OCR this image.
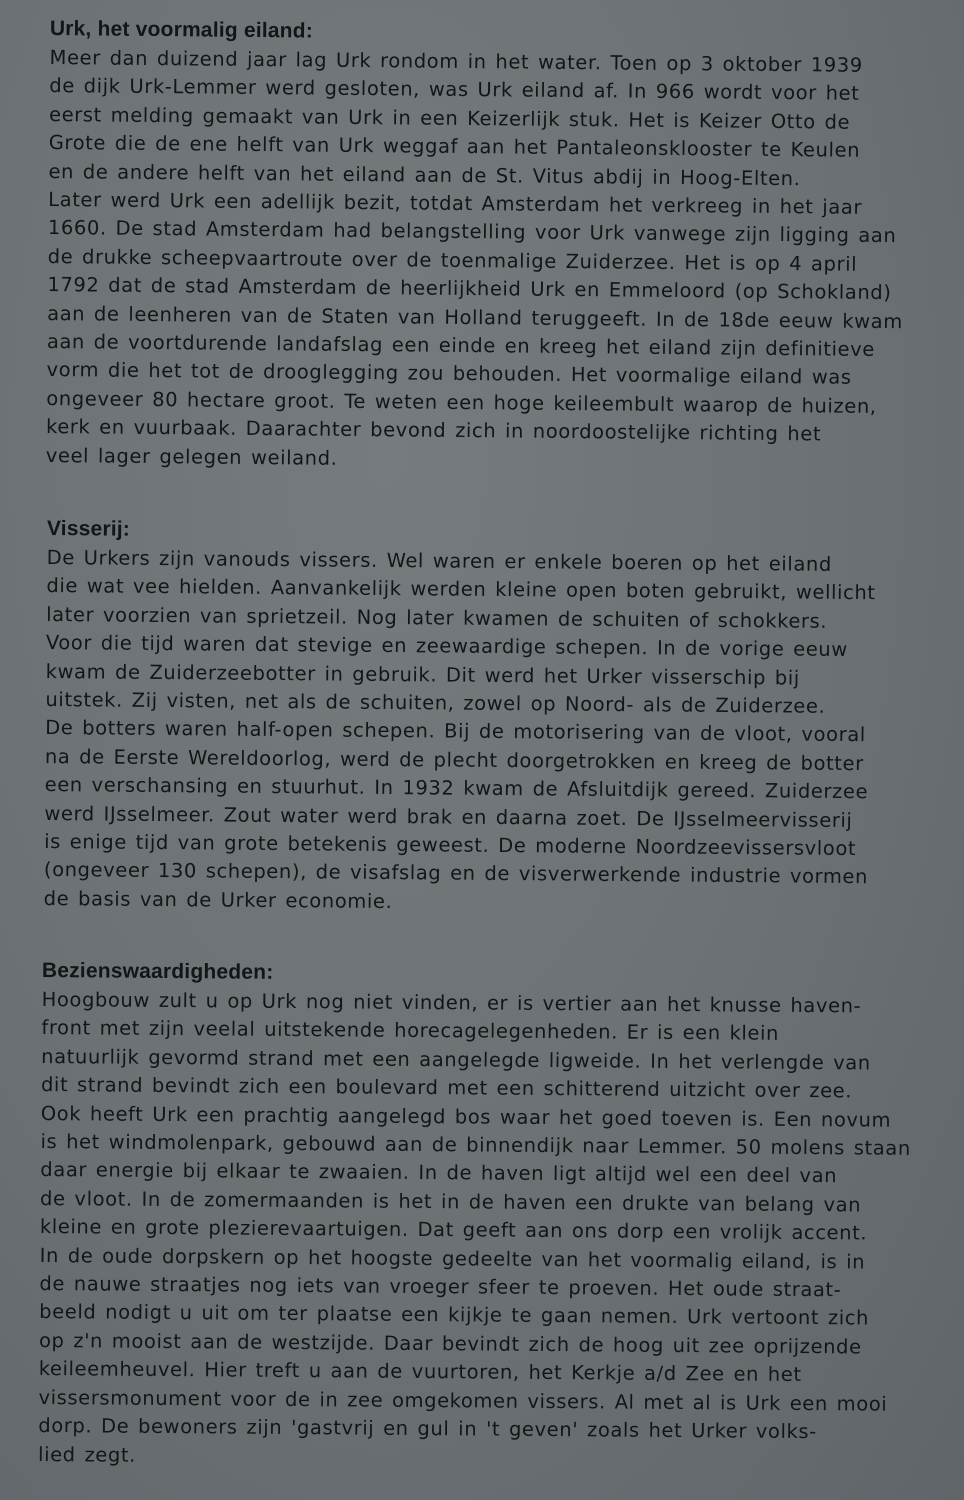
Urk, het voormalig eiland:
Meer dan duizend jaar lag Urk rondom in het water. Toen op 3 oktober 1939
de dijk Urk-Lemmer werd gesloten, was Urk eiland af. In 966 wordt voor het
eerst melding gemaakt van Urk in een Keizerlijk stuk. Het is Keizer Otto de
Grote die de ene helft van Urk weggaf aan het Pantaleonsklooster te Keulen
en de andere helft van het eiland aan de St. Vitus abdij in Hoog-Elten.
Later werd Urk een adellijk bezit, totdat Amsterdam het verkreeg in het jaar
1660. De stad Amsterdam had belangstelling voor Urk vanwege zijn ligging aan
de drukke scheepvaartroute over de toenmalige Zuiderzee. Het is op 4 april
1792 dat de stad Amsterdam de heerlijkheid Urk en Emmeloord (op Schokland)
aan de leenheren van de Staten van Holland teruggeeft. In de 18de eeuw kwam
aan de voortdurende landafslag een einde en kreeg het eiland zijn definitieve
vorm die het tot de drooglegging zou behouden. Het voormalige eiland was
ongeveer 80 hectare groot. Te weten een hoge keileembult waarop de huizen,
kerk en vuurbaak. Daarachter bevond zich in noordoostelijke richting het
veel lager gelegen weiland.
Visserij:
De Urkers zijn vanouds vissers. Wel waren er enkele boeren op het eiland
die wat vee hielden. Aanvankelijk werden kleine open boten gebruikt, wellicht
later voorzien van sprietzeil. Nog later kwamen de schuiten of schokkers.
Voor die tijd waren dat stevige en zeewaardige schepen. In de vorige eeuw
kwam de Zuiderzeebotter in gebruik. Dit werd het Urker visserschip bij
uitstek. Zij visten, net als de schuiten, zowel op Noord- als de Zuiderzee.
De botters waren half-open schepen. Bij de motorisering van de vloot, vooral
na de Eerste Wereldoorlog, werd de plecht doorgetrokken en kreeg de botter
een verschansing en stuurhut. In 1932 kwam de Afsluitdijk gereed. Zuiderzee
werd IJsselmeer. Zout water werd brak en daarna zoet. De IJsselmeervisserij
is enige tijd van grote betekenis geweest. De moderne Noordzeevissersvloot
(ongeveer 130 schepen), de visafslag en de visverwerkende industrie vormen
de basis van de Urker economie.
Bezienswaardigheden:
Hoogbouw zult u op Urk nog niet vinden, er is vertier aan het knusse haven-
front met zijn veelal uitstekende horecagelegenheden. Er is een klein
natuurlijk gevormd strand met een aangelegde ligweide. In het verlengde van
dit strand bevindt zich een boulevard met een schitterend uitzicht over zee.
Ook heeft Urk een prachtig aangelegd bos waar het goed toeven is. Een novum
is het windmolenpark, gebouwd aan de binnendijk naar Lemmer. 50 molens staan
daar energie bij elkaar te zwaaien. In de haven ligt altijd wel een deel van
de vloot. In de zomermaanden is het in de haven een drukte van belang van
kleine en grote plezierevaartuigen. Dat geeft aan ons dorp een vrolijk accent.
In de oude dorpskern op het hoogste gedeelte van het voormalig eiland, is in
de nauwe straatjes nog iets van vroeger sfeer te proeven. Het oude straat-
beeld nodigt u uit om ter plaatse een kijkje te gaan nemen. Urk vertoont zich
op z'n mooist aan de westzijde. Daar bevindt zich de hoog uit zee oprijzende
keileemheuvel. Hier treft u aan de vuurtoren, het Kerkje a/d Zee en het
vissersmonument voor de in zee omgekomen vissers. Al met al is Urk een mooi
dorp. De bewoners zijn 'gastvrij en gul in 't geven' zoals het Urker volks-
lied zegt.
